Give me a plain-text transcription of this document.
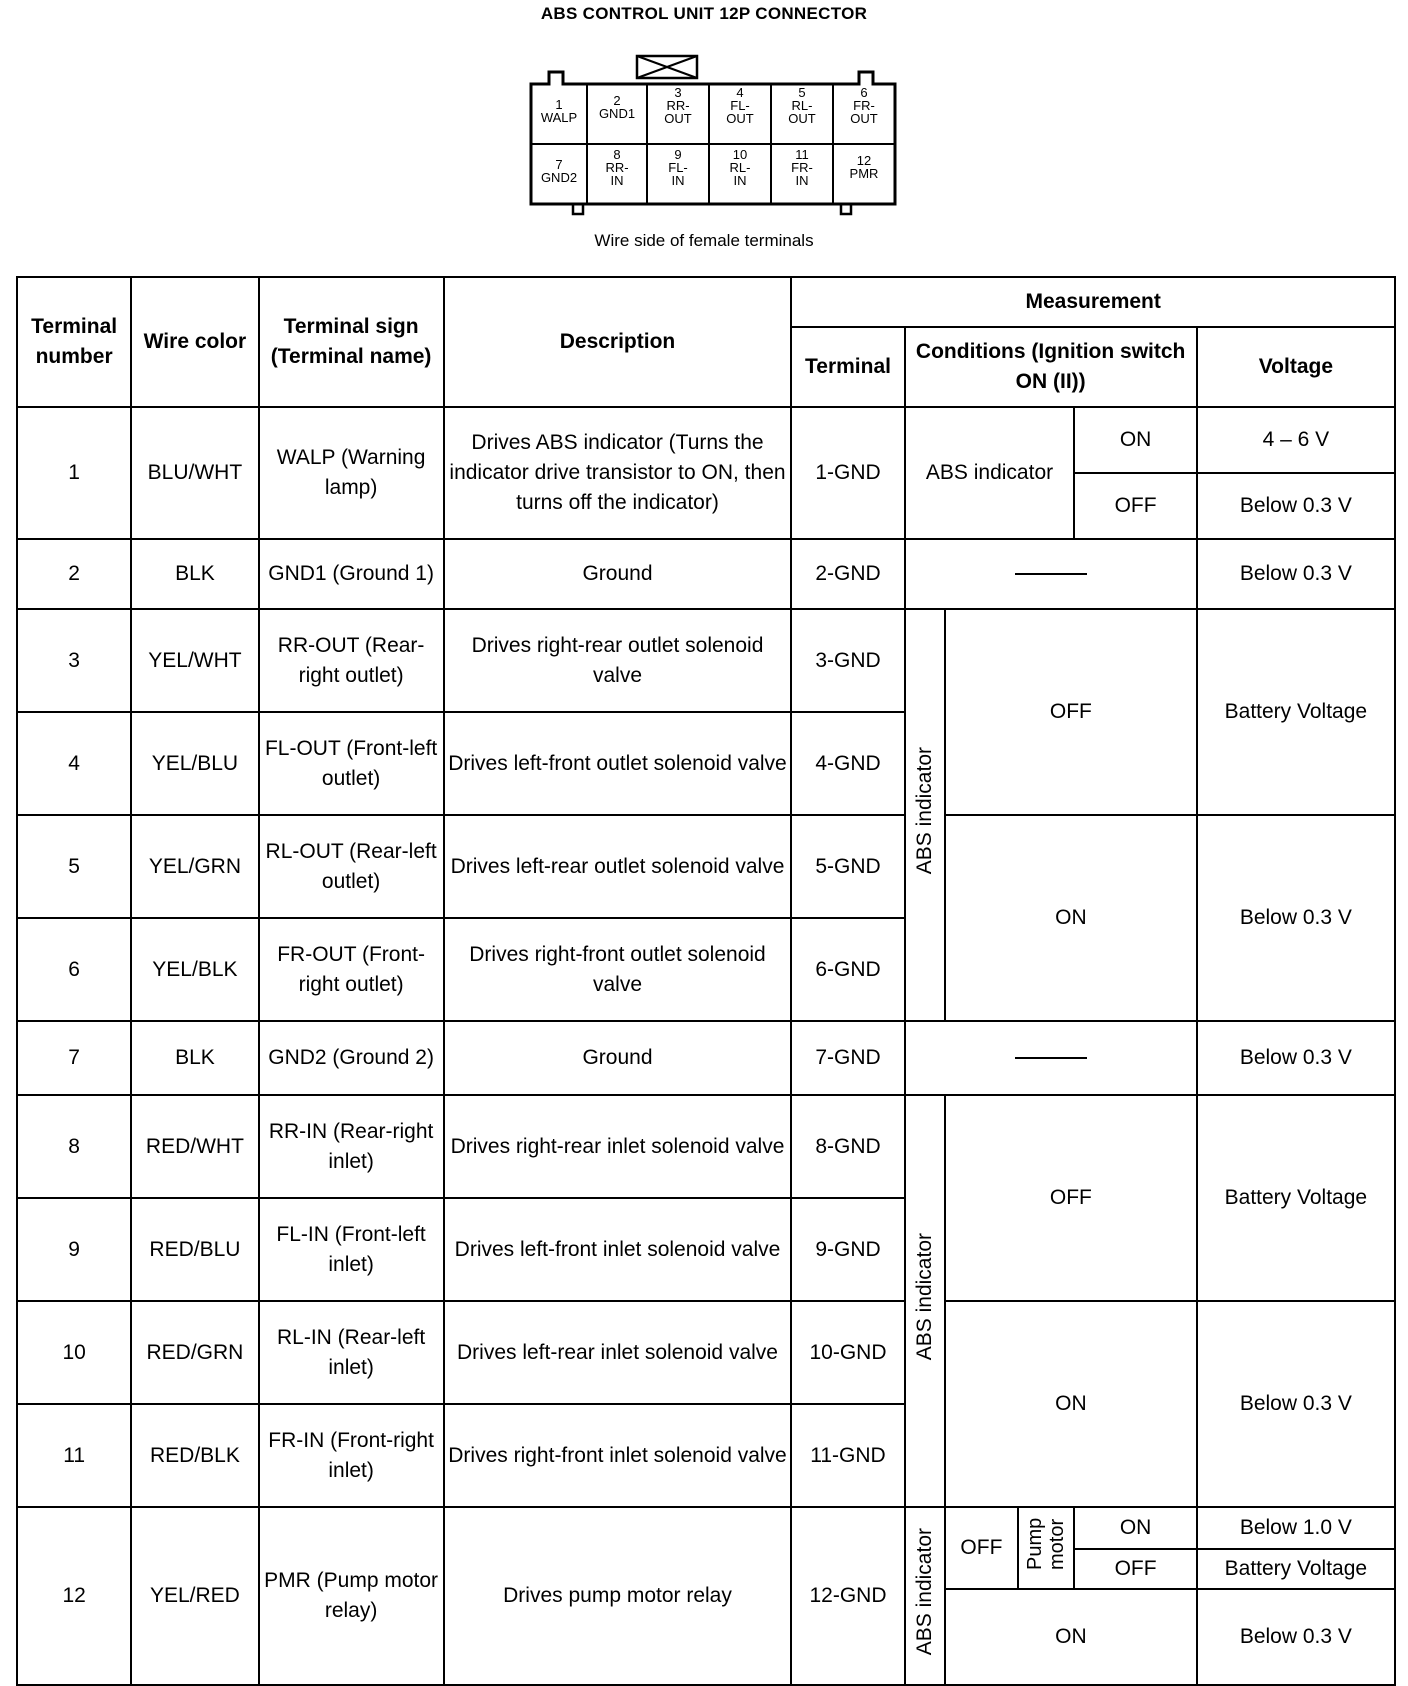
ABS CONTROL UNIT 12P CONNECTOR
1
WALP
2
GND1
3
RR-OUT
4
FL-OUT
5
RL-OUT
6
FR-OUT
7
GND2
8
RR-IN
9
FL-IN
10
RL-IN
11
FR-IN
12
PMR
Wire side of female terminals
Terminal number	Wire color	Terminal sign (Terminal name)	Description	Measurement					
				Terminal	Conditions (Ignition switch ON (II))				Voltage
1	BLU/WHT	WALP (Warning lamp)	Drives ABS indicator (Turns the indicator drive transistor to ON, then turns off the indicator)	1-GND	ABS indicator			ON	4 – 6 V
								OFF	Below 0.3 V
2	BLK	GND1 (Ground 1)	Ground	2-GND					Below 0.3 V
3	YEL/WHT	RR-OUT (Rear-right outlet)	Drives right-rear outlet solenoid valve	3-GND	ABS indicator	OFF			Battery Voltage
4	YEL/BLU	FL-OUT (Front-left outlet)	Drives left-front outlet solenoid valve	4-GND					
5	YEL/GRN	RL-OUT (Rear-left outlet)	Drives left-rear outlet solenoid valve	5-GND		ON			Below 0.3 V
6	YEL/BLK	FR-OUT (Front-right outlet)	Drives right-front outlet solenoid valve	6-GND					
7	BLK	GND2 (Ground 2)	Ground	7-GND					Below 0.3 V
8	RED/WHT	RR-IN (Rear-right inlet)	Drives right-rear inlet solenoid valve	8-GND	ABS indicator	OFF			Battery Voltage
9	RED/BLU	FL-IN (Front-left inlet)	Drives left-front inlet solenoid valve	9-GND					
10	RED/GRN	RL-IN (Rear-left inlet)	Drives left-rear inlet solenoid valve	10-GND		ON			Below 0.3 V
11	RED/BLK	FR-IN (Front-right inlet)	Drives right-front inlet solenoid valve	11-GND					
12	YEL/RED	PMR (Pump motor relay)	Drives pump motor relay	12-GND	ABS indicator	OFF	Pump motor	ON	Below 1.0 V
								OFF	Battery Voltage
						ON			Below 0.3 V
